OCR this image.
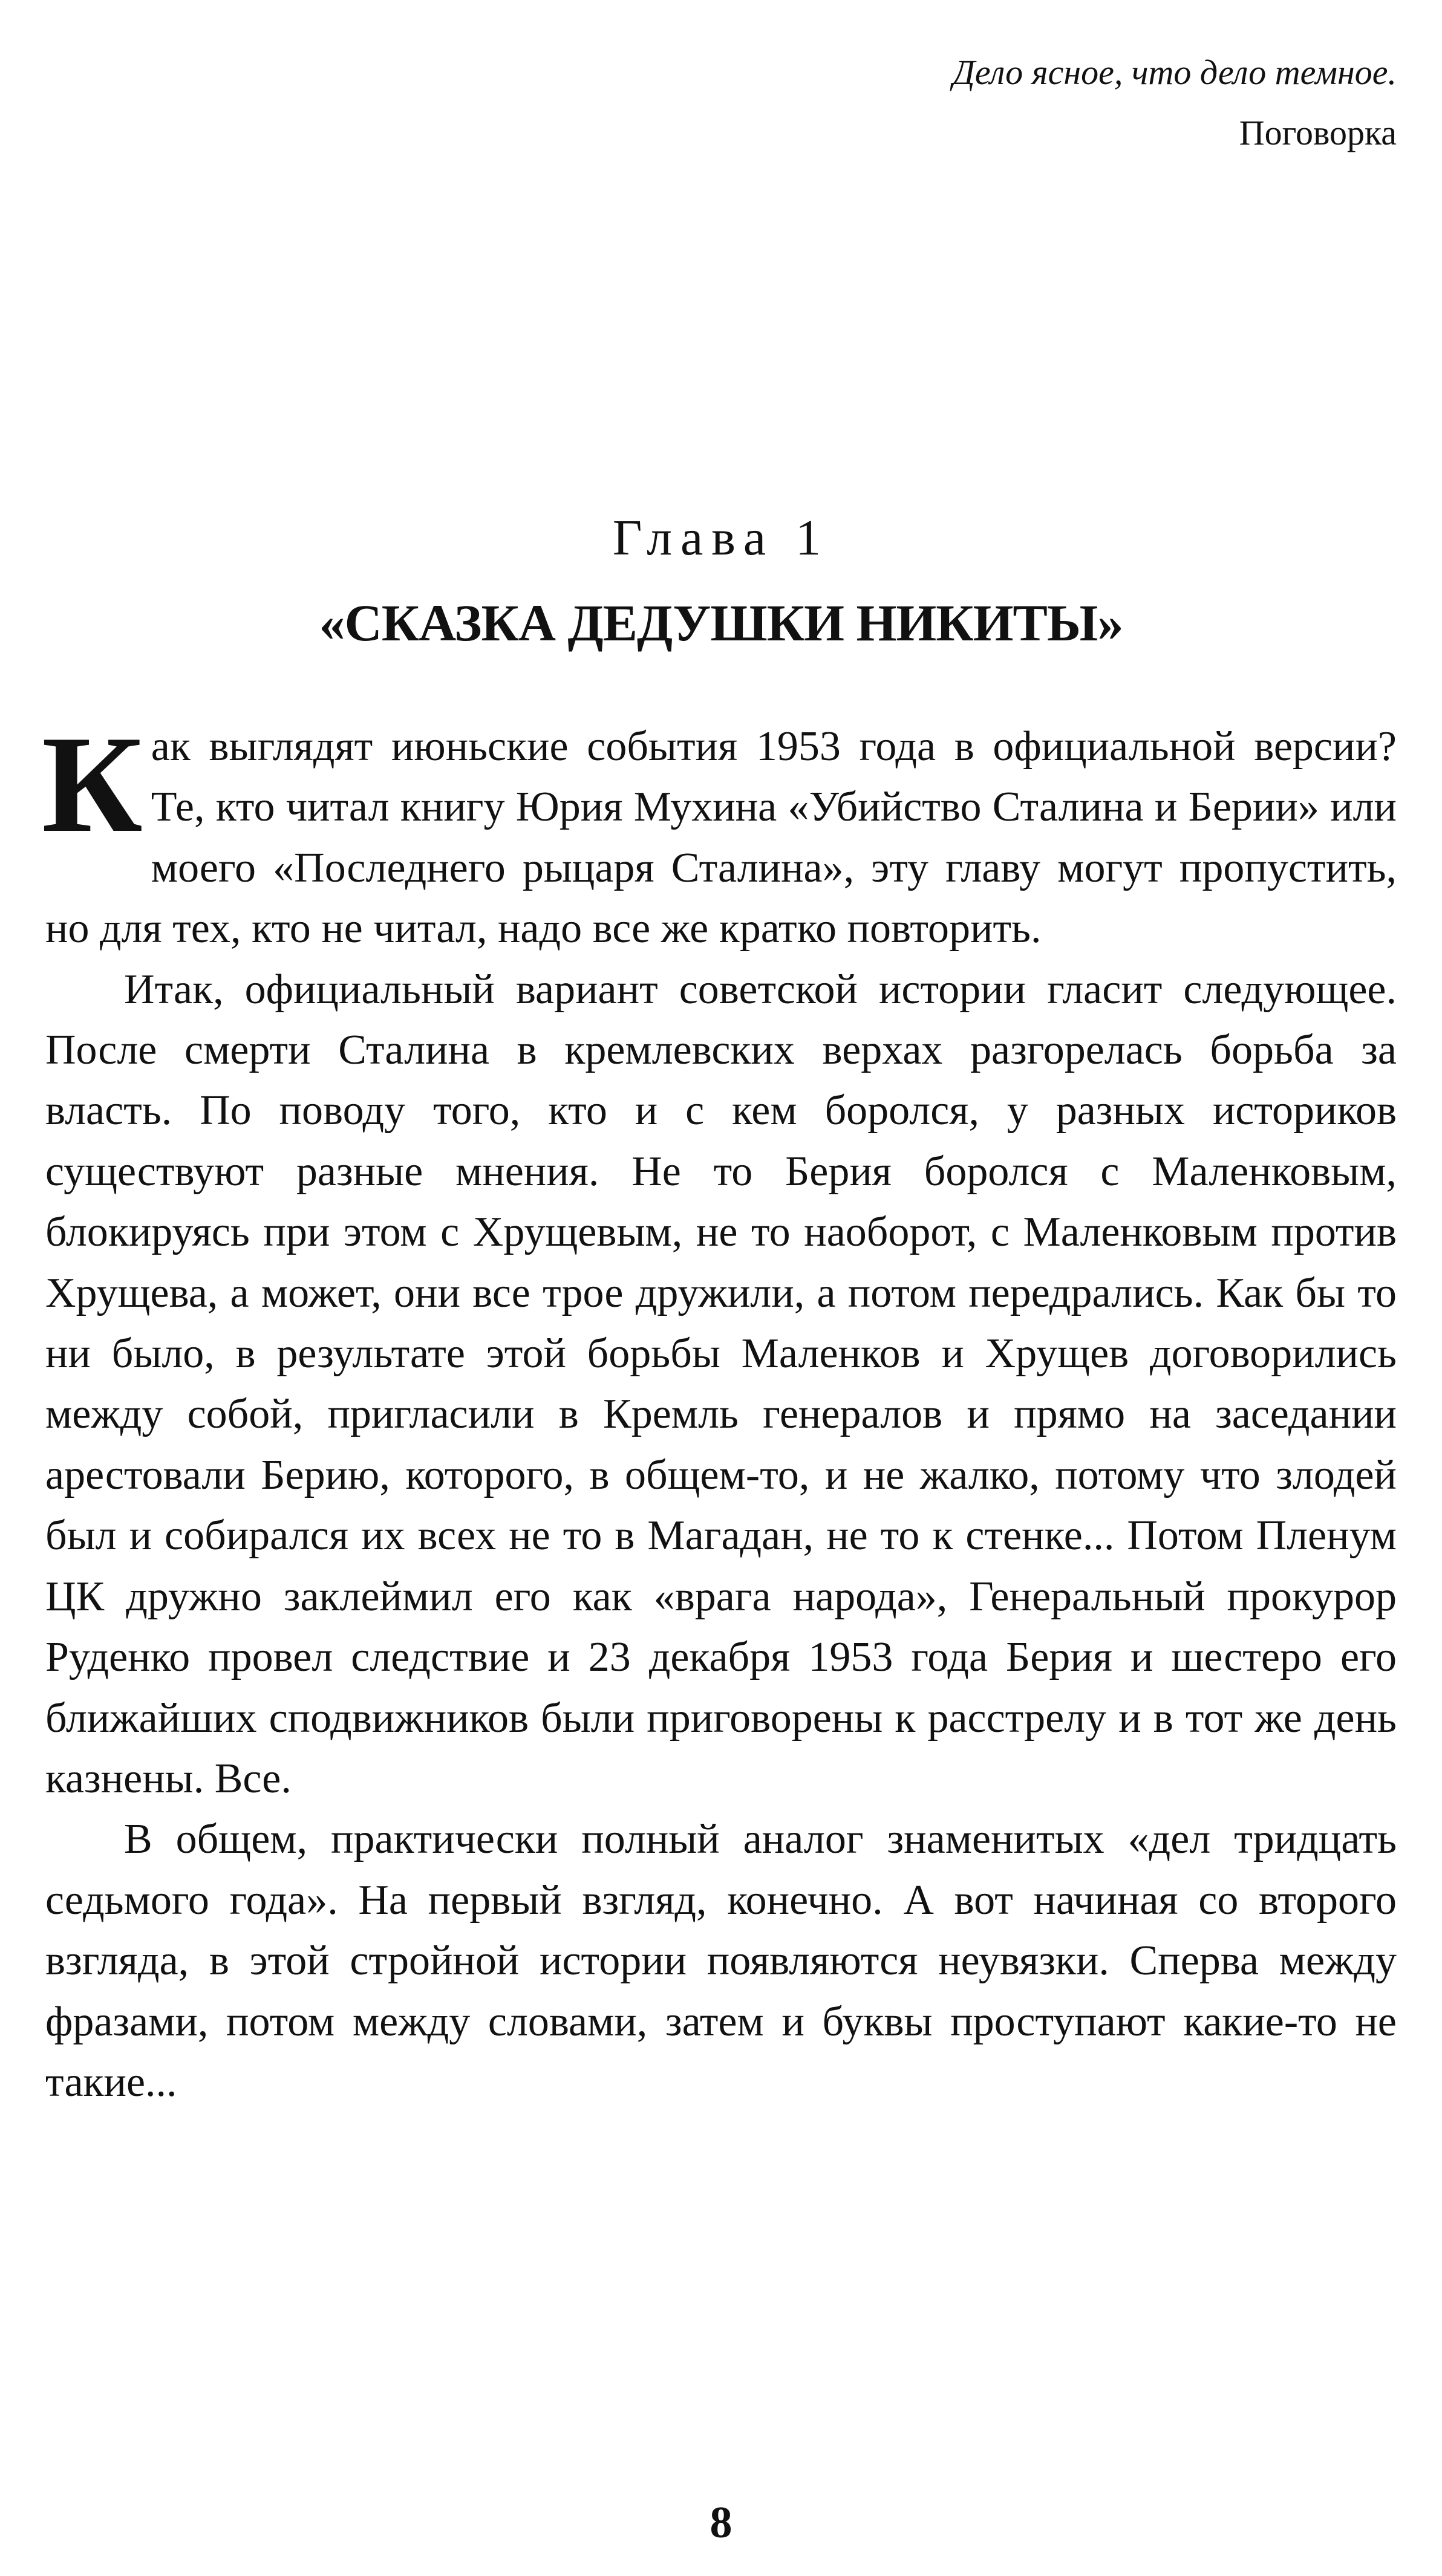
Дело ясное, что дело темное.
Поговорка
Глава 1
«СКАЗКА ДЕДУШКИ НИКИТЫ»

Как выглядят июньские события 1953 года в официальной версии? Те, кто читал книгу Юрия Мухина «Убийство Сталина и Берии» или моего «Последнего рыцаря Сталина», эту главу могут пропустить, но для тех, кто не читал, надо все же кратко повторить.

Итак, официальный вариант советской истории гласит следующее. После смерти Сталина в кремлевских верхах разгорелась борьба за власть. По поводу того, кто и с кем боролся, у разных историков существуют разные мнения. Не то Берия боролся с Маленковым, блокируясь при этом с Хрущевым, не то наоборот, с Маленковым против Хрущева, а может, они все трое дружили, а потом передрались. Как бы то ни было, в результате этой борьбы Маленков и Хрущев договорились между собой, пригласили в Кремль генералов и прямо на заседании арестовали Берию, которого, в общем-то, и не жалко, потому что злодей был и собирался их всех не то в Магадан, не то к стенке... Потом Пленум ЦК дружно заклеймил его как «врага народа», Генеральный прокурор Руденко провел следствие и 23 декабря 1953 года Берия и шестеро его ближайших сподвижников были приговорены к расстрелу и в тот же день казнены. Все.

В общем, практически полный аналог знаменитых «дел тридцать седьмого года». На первый взгляд, конечно. А вот начиная со второго взгляда, в этой стройной истории появляются неувязки. Сперва между фразами, потом между словами, затем и буквы проступают какие-то не такие...

8
